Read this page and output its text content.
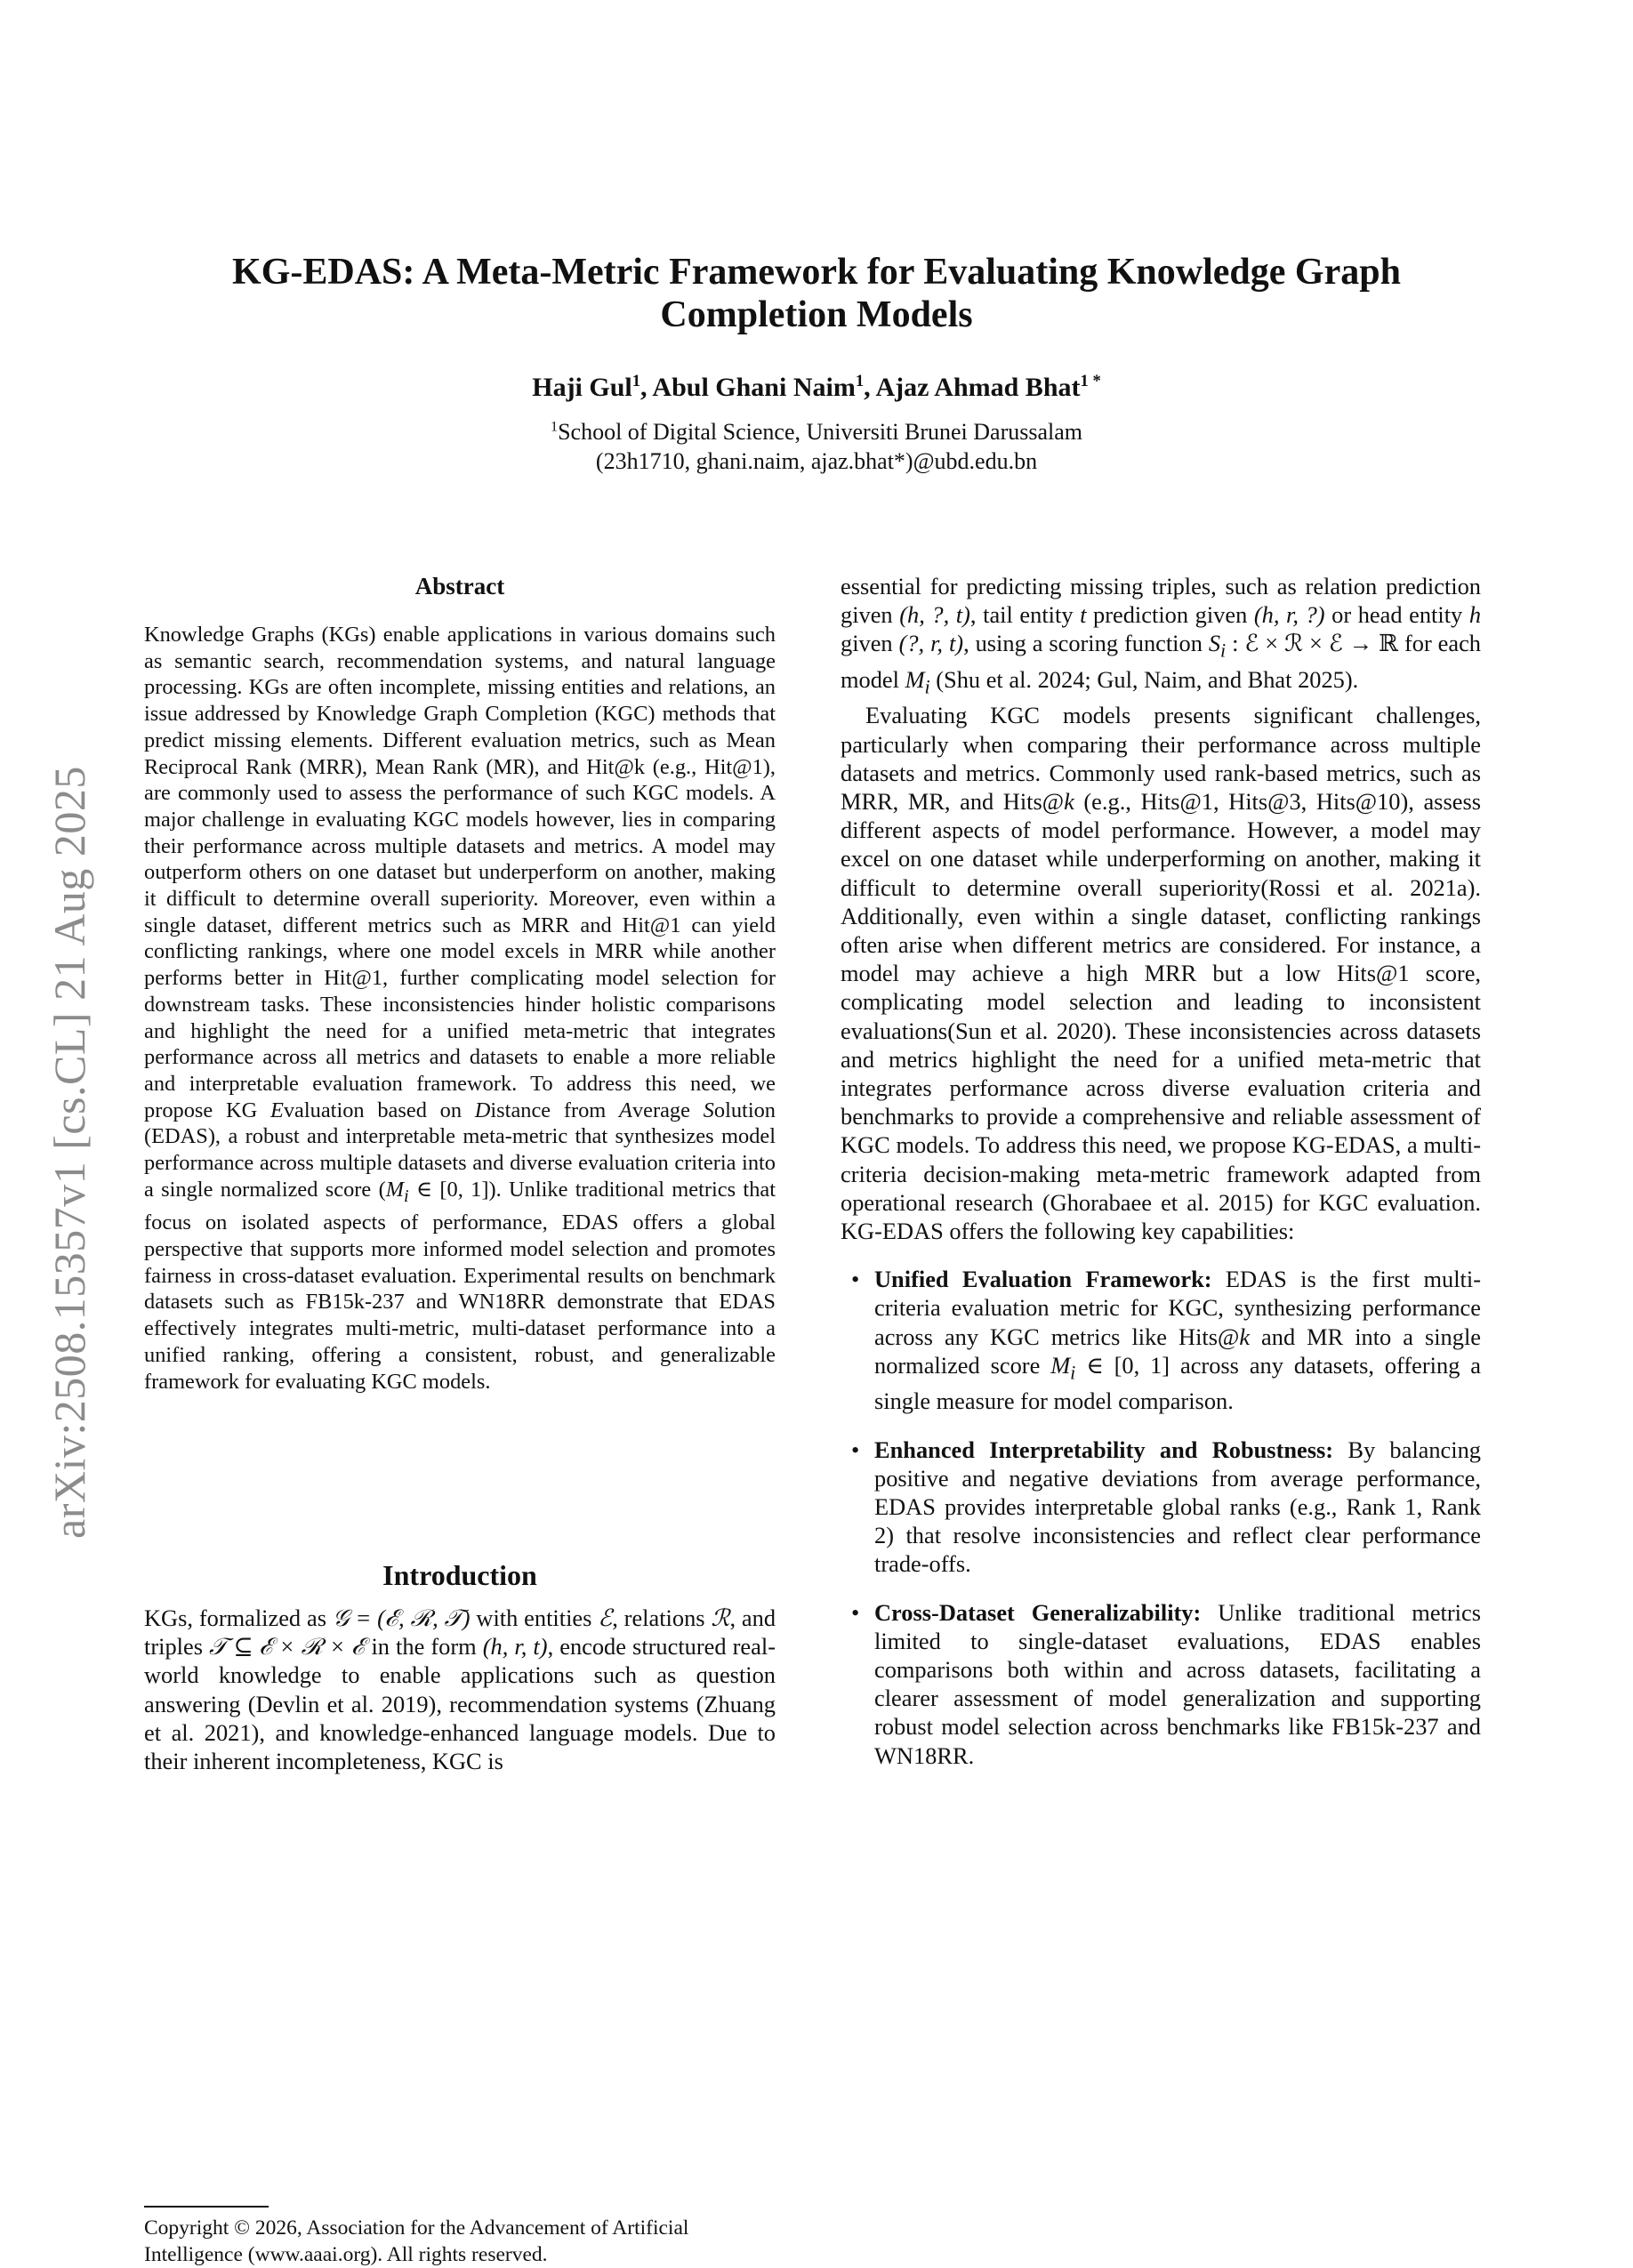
arXiv:2508.15357v1 [cs.CL] 21 Aug 2025
KG-EDAS: A Meta-Metric Framework for Evaluating Knowledge Graph
Completion Models
Haji Gul$^1$, Abul Ghani Naim$^1$, Ajaz Ahmad Bhat$^{1 *}$
$^1$School of Digital Science, Universiti Brunei Darussalam
(23h1710, ghani.naim, ajaz.bhat*)@ubd.edu.bn
Abstract
Knowledge Graphs (KGs) enable applications in various domains such as semantic search, recommendation systems, and natural language processing. KGs are often incomplete, missing entities and relations, an issue addressed by Knowledge Graph Completion (KGC) methods that predict missing elements. Different evaluation metrics, such as Mean Reciprocal Rank (MRR), Mean Rank (MR), and Hit@k (e.g., Hit@1), are commonly used to assess the performance of such KGC models. A major challenge in evaluating KGC models however, lies in comparing their performance across multiple datasets and metrics. A model may outperform others on one dataset but underperform on another, making it difficult to determine overall superiority. Moreover, even within a single dataset, different metrics such as MRR and Hit@1 can yield conflicting rankings, where one model excels in MRR while another performs better in Hit@1, further complicating model selection for downstream tasks. These inconsistencies hinder holistic comparisons and highlight the need for a unified meta-metric that integrates performance across all metrics and datasets to enable a more reliable and interpretable evaluation framework. To address this need, we propose KG Evaluation based on Distance from Average Solution (EDAS), a robust and interpretable meta-metric that synthesizes model performance across multiple datasets and diverse evaluation criteria into a single normalized score ($M_i$ ∈ [0, 1]). Unlike traditional metrics that focus on isolated aspects of performance, EDAS offers a global perspective that supports more informed model selection and promotes fairness in cross-dataset evaluation. Experimental results on benchmark datasets such as FB15k-237 and WN18RR demonstrate that EDAS effectively integrates multi-metric, multi-dataset performance into a unified ranking, offering a consistent, robust, and generalizable framework for evaluating KGC models.
Introduction
KGs, formalized as 𝒢 = (ℰ, ℛ, 𝒯) with entities ℰ, relations ℛ, and triples 𝒯 ⊆ ℰ × ℛ × ℰ in the form (h, r, t), encode structured real-world knowledge to enable applications such as question answering (Devlin et al. 2019), recommendation systems (Zhuang et al. 2021), and knowledge-enhanced language models. Due to their inherent incompleteness, KGC is
Copyright © 2026, Association for the Advancement of Artificial Intelligence (www.aaai.org). All rights reserved.

essential for predicting missing triples, such as relation prediction given (h, ?, t), tail entity t prediction given (h, r, ?) or head entity h given (?, r, t), using a scoring function $S_i$ : ℰ × ℛ × ℰ → ℝ for each model $M_i$ (Shu et al. 2024; Gul, Naim, and Bhat 2025).

Evaluating KGC models presents significant challenges, particularly when comparing their performance across multiple datasets and metrics. Commonly used rank-based metrics, such as MRR, MR, and Hits@k (e.g., Hits@1, Hits@3, Hits@10), assess different aspects of model performance. However, a model may excel on one dataset while underperforming on another, making it difficult to determine overall superiority(Rossi et al. 2021a). Additionally, even within a single dataset, conflicting rankings often arise when different metrics are considered. For instance, a model may achieve a high MRR but a low Hits@1 score, complicating model selection and leading to inconsistent evaluations(Sun et al. 2020). These inconsistencies across datasets and metrics highlight the need for a unified meta-metric that integrates performance across diverse evaluation criteria and benchmarks to provide a comprehensive and reliable assessment of KGC models. To address this need, we propose KG-EDAS, a multi-criteria decision-making meta-metric framework adapted from operational research (Ghorabaee et al. 2015) for KGC evaluation. KG-EDAS offers the following key capabilities:

• Unified Evaluation Framework: EDAS is the first multi-criteria evaluation metric for KGC, synthesizing performance across any KGC metrics like Hits@k and MR into a single normalized score $M_i$ ∈ [0, 1] across any datasets, offering a single measure for model comparison.
• Enhanced Interpretability and Robustness: By balancing positive and negative deviations from average performance, EDAS provides interpretable global ranks (e.g., Rank 1, Rank 2) that resolve inconsistencies and reflect clear performance trade-offs.
• Cross-Dataset Generalizability: Unlike traditional metrics limited to single-dataset evaluations, EDAS enables comparisons both within and across datasets, facilitating a clearer assessment of model generalization and supporting robust model selection across benchmarks like FB15k-237 and WN18RR.
